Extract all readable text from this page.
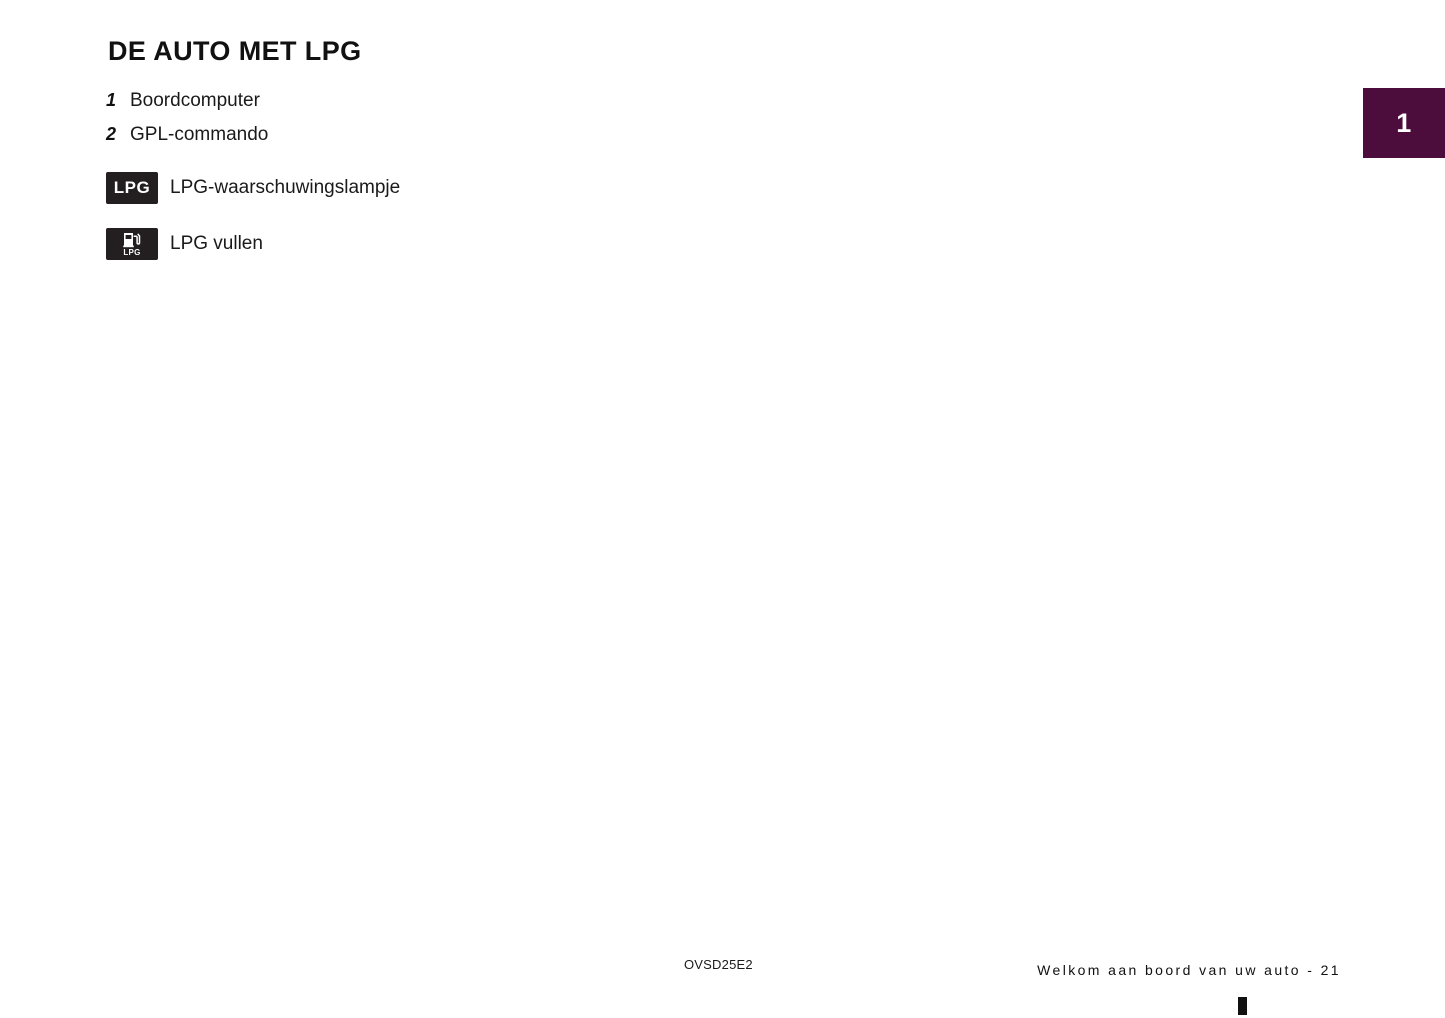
1
DE AUTO MET LPG
1 Boordcomputer
2 GPL-commando
LPG	LPG-waarschuwingslampje
LPG LPG vullen
OVSD25E2	Welkom aan boord van uw auto - 21
